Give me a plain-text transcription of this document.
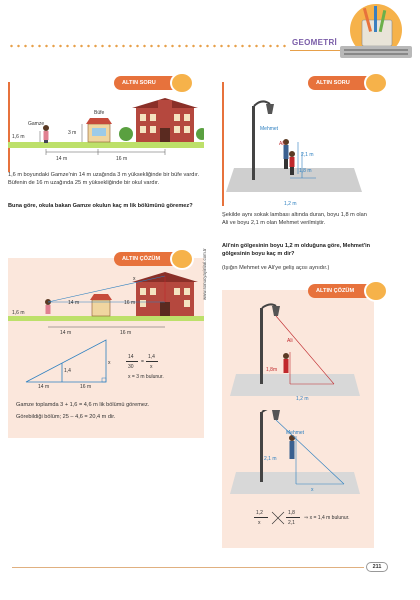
GEOMETRİ
ALTIN SORU
Gamze
Büfe
1,6 m
3 m
14 m	16 m
1,6 m boyundaki Gamze'nin 14 m uzağında 3 m yüksekliğinde bir büfe vardır. Büfenin de 16 m uzağında 25 m yüksekliğinde bir okul vardır.
Buna göre, okula bakan Gamze okulun kaç m lik bölümünü göremez?
ALTIN ÇÖZÜM
x
14 m	16 m
1,6 m
14 m	16 m
x
1,4
14 m	16 m
14
30
=
1,4
x
x = 3 m bulunur.
Gamze toplamda 3 + 1,6 = 4,6 m lik bölümü göremez.
Görebildiği bölüm; 25 – 4,6 = 20,4 m dir.
www.sonucyayinlari.com.tr
ALTIN SORU
Mehmet
Ali
2,1 m
1,8 m
1,2 m
Şekilde aynı sokak lambası altında duran, boyu 1,8 m olan Ali ve boyu 2,1 m olan Mehmet verilmiştir.
Ali'nin gölgesinin boyu 1,2 m olduğuna göre, Mehmet'in gölgesinin boyu kaç m dir?
(Işığın Mehmet ve Ali'ye geliş açısı aynıdır.)
ALTIN ÇÖZÜM
Ali
1,8m
1,2 m
Mehmet
2,1 m
x
1,2
x
1,8
2,1
⇒ x = 1,4 m bulunur.
211
